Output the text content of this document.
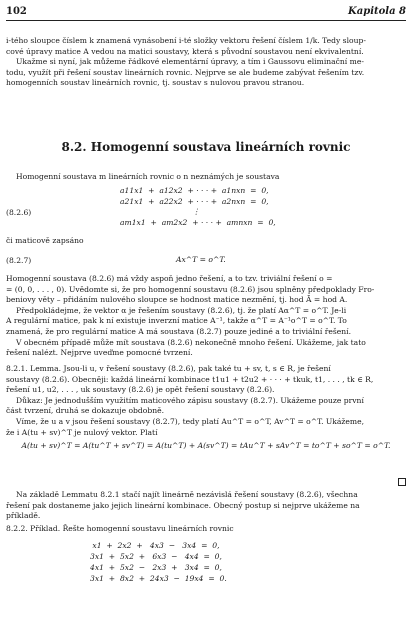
102	Kapitola 8
i-tého sloupce číslem k znamená vynásobení i-té složky vektoru řešení číslem 1/k. Tedy sloup-
cové úpravy matice A vedou na matici soustavy, která s původní soustavou není ekvivalentní.
Ukažme si nyní, jak můžeme řádkové elementární úpravy, a tím i Gaussovu eliminační me-
todu, využít při řešení soustav lineárních rovnic. Nejprve se ale budeme zabývat řešením tzv.
homogenních soustav lineárních rovnic, tj. soustav s nulovou pravou stranou.
8.2. Homogenní soustava lineárních rovnic
Homogenní soustava m lineárních rovnic o n neznámých je soustava
(8.2.6)
a11x1  +  a12x2  + · · · +  a1nxn  =  0,
a21x1  +  a22x2  + · · · +  a2nxn  =  0,
⋮
am1x1  +  am2x2  + · · · +  amnxn  =  0,
či maticově zapsáno
(8.2.7)	Ax^T = o^T.
Homogenní soustava (8.2.6) má vždy aspoň jedno řešení, a to tzv. triviální řešení o =
= (0, 0, . . . , 0). Uvědomte si, že pro homogenní soustavu (8.2.6) jsou splněny předpoklady Fro-
beniovy věty – přidáním nulového sloupce se hodnost matice nezmění, tj. hod Ā = hod A.
Předpokládejme, že vektor α je řešením soustavy (8.2.6), tj. že platí Aα^T = o^T. Je-li
A regulární matice, pak k ní existuje inverzní matice A⁻¹, takže α^T = A⁻¹o^T = o^T. To
znamená, že pro regulární matice A má soustava (8.2.7) pouze jediné a to triviální řešení.
V obecném případě může mít soustava (8.2.6) nekonečně mnoho řešení. Ukážeme, jak tato
řešení nalézt. Nejprve uveďme pomocné tvrzení.
8.2.1. Lemma. Jsou-li u, v řešení soustavy (8.2.6), pak také tu + sv, t, s ∈ R, je řešení
soustavy (8.2.6). Obecněji: každá lineární kombinace t1u1 + t2u2 + · · · + tkuk, t1, . . . , tk ∈ R,
řešení u1, u2, . . . , uk soustavy (8.2.6) je opět řešení soustavy (8.2.6).
Důkaz: Je jednodušším využitím maticového zápisu soustavy (8.2.7). Ukážeme pouze první
část tvrzení, druhá se dokazuje obdobně.
Víme, že u a v jsou řešení soustavy (8.2.7), tedy platí Au^T = o^T, Av^T = o^T. Ukážeme,
že i A(tu + sv)^T je nulový vektor. Platí
A(tu + sv)^T = A(tu^T + sv^T) = A(tu^T) + A(sv^T) = tAu^T + sAv^T = to^T + so^T = o^T.
Na základě Lemmatu 8.2.1 stačí najít lineárně nezávislá řešení soustavy (8.2.6), všechna
řešení pak dostaneme jako jejich lineární kombinace. Obecný postup si nejprve ukážeme na
příkladě.
8.2.2. Příklad. Řešte homogenní soustavu lineárních rovnic
x1  +  2x2  +   4x3  −   3x4  =  0,
3x1  +  5x2  +   6x3  −   4x4  =  0,
4x1  +  5x2  −   2x3  +   3x4  =  0,
3x1  +  8x2  +  24x3  −  19x4  =  0.
